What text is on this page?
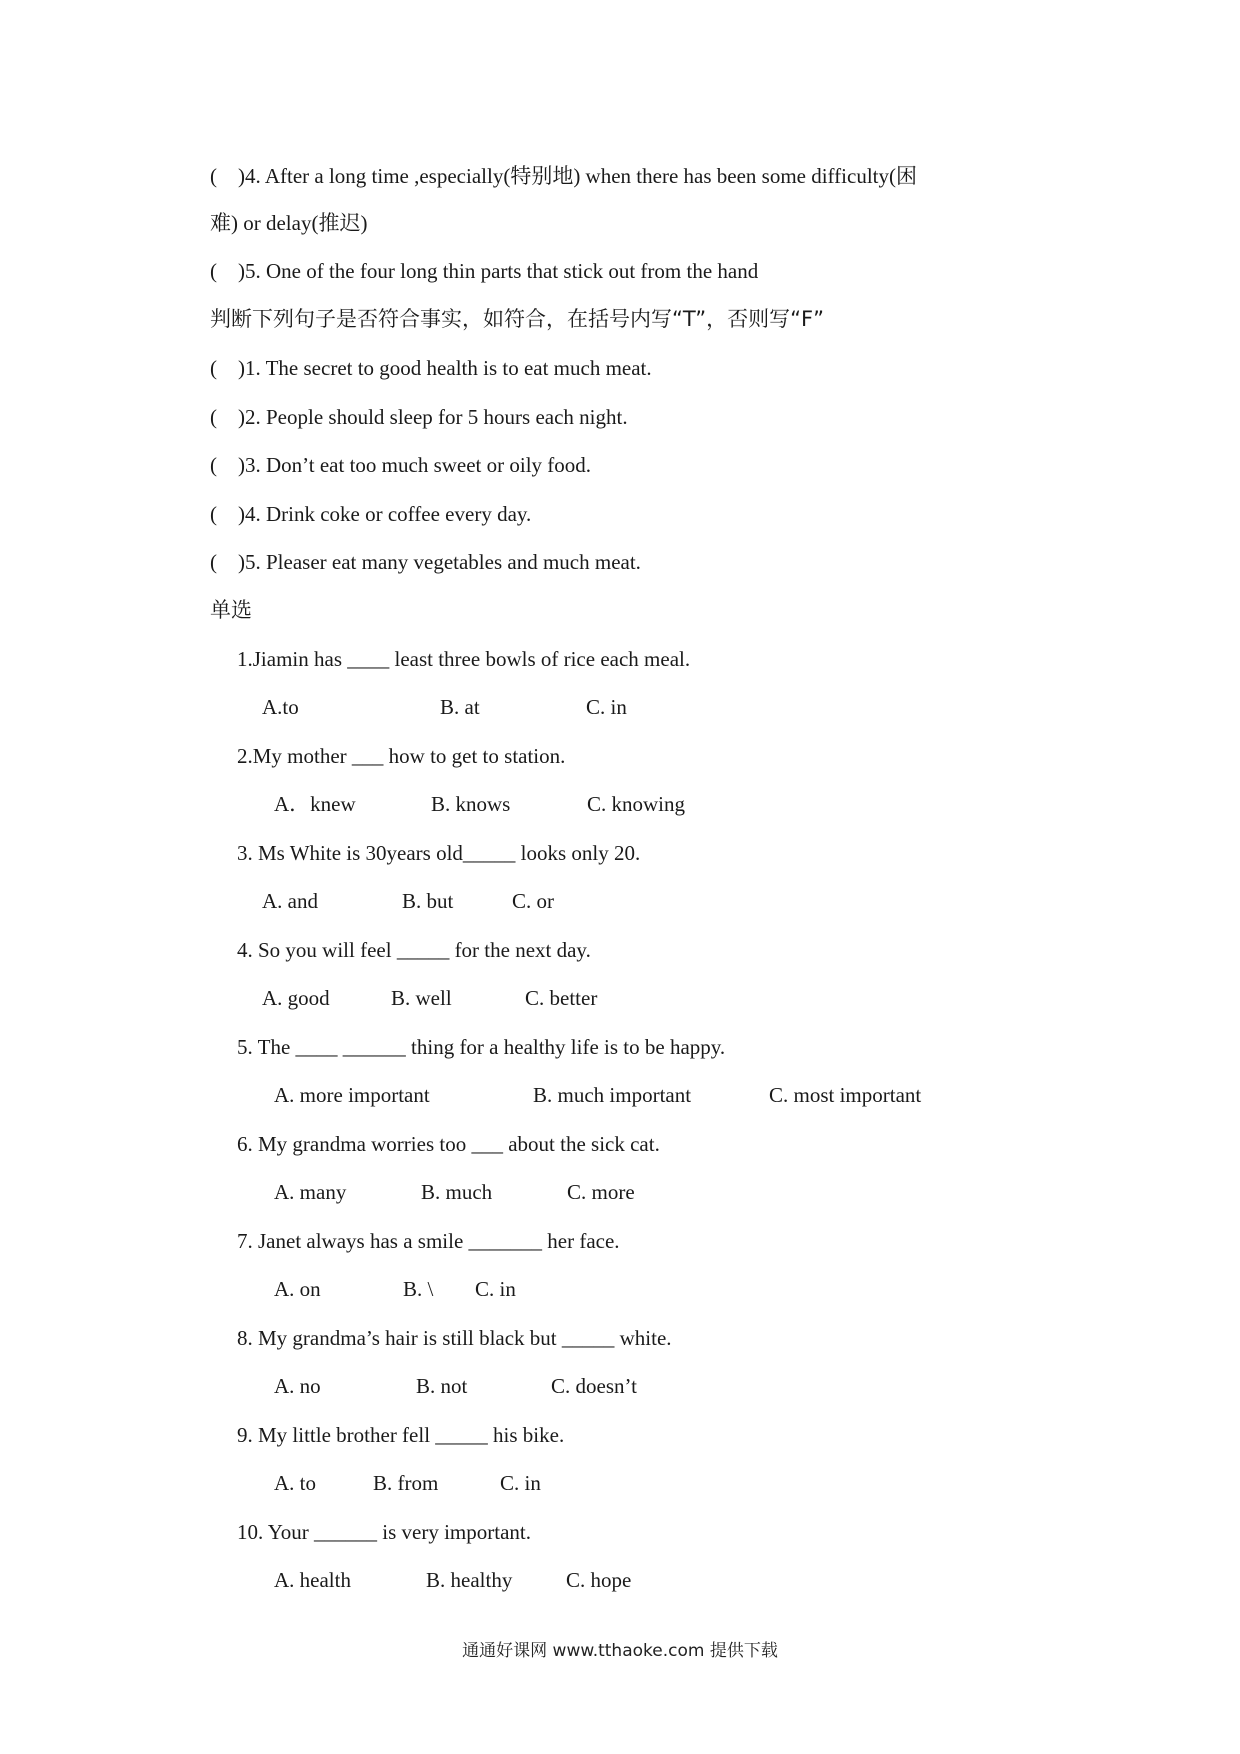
(    )4. After a long time ,especially(特别地) when there has been some difficulty(困
难) or delay(推迟)
(    )5. One of the four long thin parts that stick out from the hand
判断下列句子是否符合事实，如符合，在括号内写“T”，否则写“F”
(    )1. The secret to good health is to eat much meat.
(    )2. People should sleep for 5 hours each night.
(    )3. Don’t eat too much sweet or oily food.
(    )4. Drink coke or coffee every day.
(    )5. Pleaser eat many vegetables and much meat.
单选
1.Jiamin has ____ least three bowls of rice each meal.
A.to	B. at	C. in
2.My mother ___ how to get to station.
A．knew	B. knows	C. knowing
3. Ms White is 30years old_____ looks only 20.
A. and	B. but	C. or
4. So you will feel _____ for the next day.
A. good	B. well	C. better
5. The ____ ______ thing for a healthy life is to be happy.
A. more important	B. much important	C. most important
6. My grandma worries too ___ about the sick cat.
A. many	B. much	C. more
7. Janet always has a smile _______ her face.
A. on	B. \ C. in
8. My grandma’s hair is still black but _____ white.
A. no	B. not	C. doesn’t
9. My little brother fell _____ his bike.
A. to	B. from	C. in
10. Your ______ is very important.
A. health	B. healthy	C. hope
通通好课网 www.tthaoke.com 提供下载
